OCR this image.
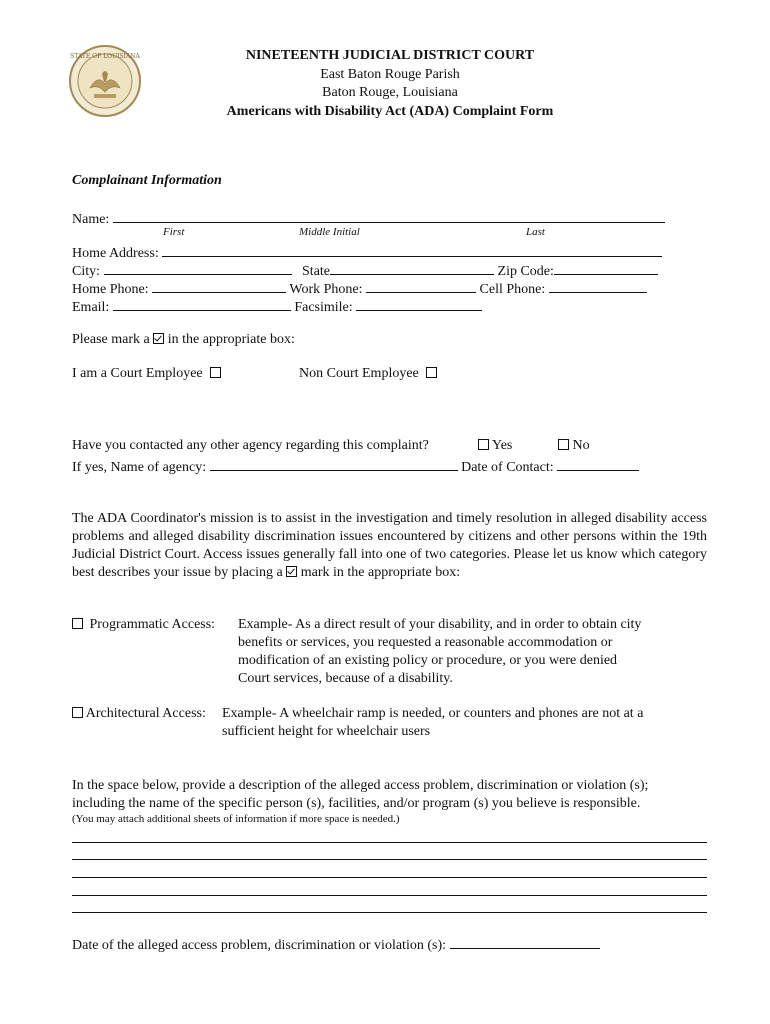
STATE OF LOUISIANA	NINETEENTH JUDICIAL DISTRICT COURT
East Baton Rouge Parish
Baton Rouge, Louisiana
Americans with Disability Act (ADA) Complaint Form
Complainant Information
Name:
First	Middle Initial	Last
Home Address:
City:	State	Zip Code:
Home Phone:	Work Phone:	Cell Phone:
Email:	Facsimile:
Please mark a in the appropriate box:
I am a Court Employee	Non Court Employee
Have you contacted any other agency regarding this complaint?	Yes	No
If yes, Name of agency:	Date of Contact:
The ADA Coordinator's mission is to assist in the investigation and timely resolution in alleged disability access problems and alleged disability discrimination issues encountered by citizens and other persons within the 19th Judicial District Court. Access issues generally fall into one of two categories. Please let us know which category best describes your issue by placing a mark in the appropriate box:
Programmatic Access: Example- As a direct result of your disability, and in order to obtain city
benefits or services, you requested a reasonable accommodation or
modification of an existing policy or procedure, or you were denied
Court services, because of a disability.
Architectural Access: Example- A wheelchair ramp is needed, or counters and phones are not at a
sufficient height for wheelchair users
In the space below, provide a description of the alleged access problem, discrimination or violation (s);
including the name of the specific person (s), facilities, and/or program (s) you believe is responsible.
(You may attach additional sheets of information if more space is needed.)
Date of the alleged access problem, discrimination or violation (s):
